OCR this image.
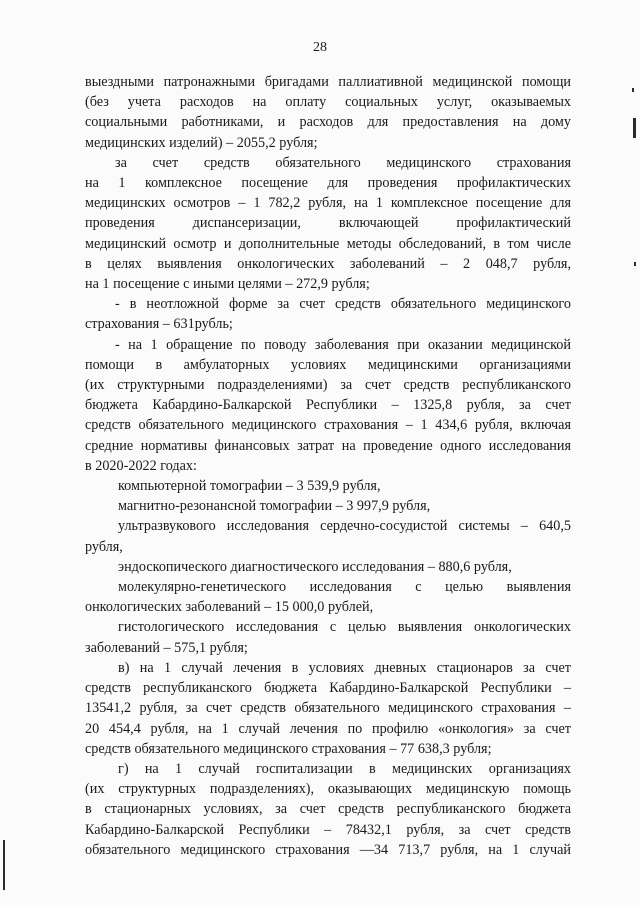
28
выездными патронажными бригадами паллиативной медицинской помощи
(без учета расходов на оплату социальных услуг, оказываемых
социальными работниками, и расходов для предоставления на дому
медицинских изделий) – 2055,2 рубля;
за счет средств обязательного медицинского страхования
на 1 комплексное посещение для проведения профилактических
медицинских осмотров – 1 782,2 рубля, на 1 комплексное посещение для
проведения диспансеризации, включающей профилактический
медицинский осмотр и дополнительные методы обследований, в том числе
в целях выявления онкологических заболеваний – 2 048,7 рубля,
на 1 посещение с иными целями – 272,9 рубля;
- в неотложной форме за счет средств обязательного медицинского
страхования – 631рубль;
- на 1 обращение по поводу заболевания при оказании медицинской
помощи в амбулаторных условиях медицинскими организациями
(их структурными подразделениями) за счет средств республиканского
бюджета Кабардино-Балкарской Республики – 1325,8 рубля, за счет
средств обязательного медицинского страхования – 1 434,6 рубля, включая
средние нормативы финансовых затрат на проведение одного исследования
в 2020-2022 годах:
компьютерной томографии – 3 539,9 рубля,
магнитно-резонансной томографии – 3 997,9 рубля,
ультразвукового исследования сердечно-сосудистой системы – 640,5
рубля,
эндоскопического диагностического исследования – 880,6 рубля,
молекулярно-генетического исследования с целью выявления
онкологических заболеваний – 15 000,0 рублей,
гистологического исследования с целью выявления онкологических
заболеваний – 575,1 рубля;
в) на 1 случай лечения в условиях дневных стационаров за счет
средств республиканского бюджета Кабардино-Балкарской Республики –
13541,2 рубля, за счет средств обязательного медицинского страхования –
20 454,4 рубля, на 1 случай лечения по профилю «онкология» за счет
средств обязательного медицинского страхования – 77 638,3 рубля;
г) на 1 случай госпитализации в медицинских организациях
(их структурных подразделениях), оказывающих медицинскую помощь
в стационарных условиях, за счет средств республиканского бюджета
Кабардино-Балкарской Республики – 78432,1 рубля, за счет средств
обязательного медицинского страхования —34 713,7 рубля, на 1 случай
